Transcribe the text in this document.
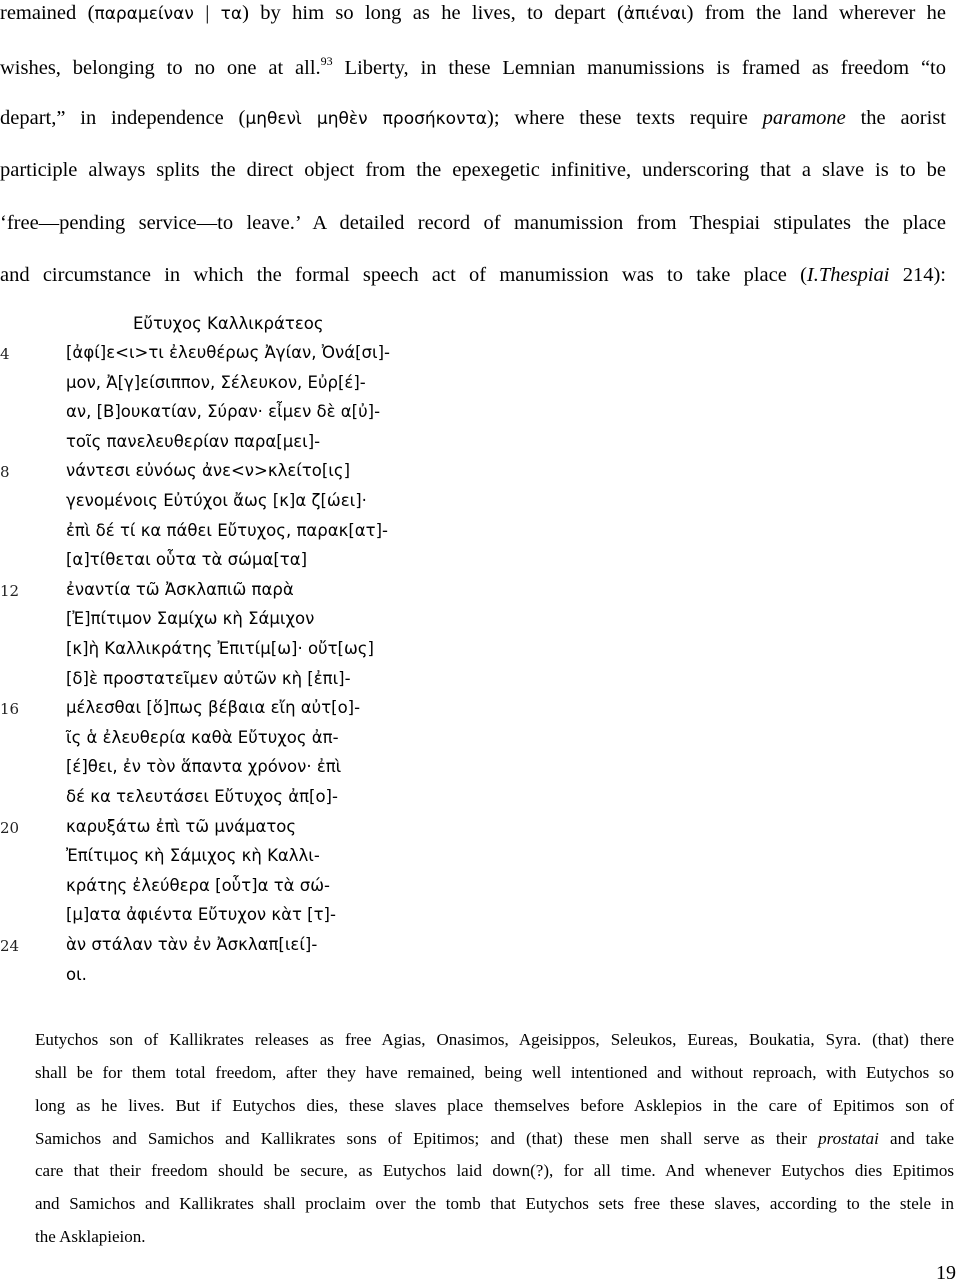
remained (παραμείναν | τα) by him so long as he lives, to depart (ἀπιέναι) from the land wherever he
wishes, belonging to no one at all.$^{93}$ Liberty, in these Lemnian manumissions is framed as freedom “to
depart,” in independence (μηθενὶ μηθὲν προσήκοντα); where these texts require paramone the aorist
participle always splits the direct object from the epexegetic infinitive, underscoring that a slave is to be
‘free—pending service—to leave.’ A detailed record of manumission from Thespiai stipulates the place
and circumstance in which the formal speech act of manumission was to take place (I.Thespiai 214):
Εὔτυχος Καλλικράτεος
[ἀφί]ε<ι>τι ἐλευθέρως Ἀγίαν, Ὀνά[σι]-
μον, Ἀ[γ]είσιππον, Σέλευκον, Εὐρ[έ]-
αν, [Β]ουκατίαν, Σύραν· εἶμεν δὲ α[ὐ]-
τοῖς πανελευθερίαν παρα[μει]-
νάντεσι εὐνόως ἀνε<ν>κλείτο[ις]
γενομένοις Εὐτύχοι ἄως [κ]α ζ[ώει]·
ἐπὶ δέ τί κα πάθει Εὔτυχος, παρακ[ατ]-
[α]τίθεται οὗτα τὰ σώμα[τα]
ἐναντία τῶ Ἀσκλαπιῶ παρὰ
[Ἐ]πίτιμον Σαμίχω κὴ Σάμιχον
[κ]ὴ Καλλικράτης Ἐπιτίμ[ω]· οὔτ[ως]
[δ]ὲ προστατεῖμεν αὐτῶν κὴ [ἐπι]-
μέλεσθαι [ὅ]πως βέβαια εἴη αὐτ[ο]-
ῖς ἁ ἐλευθερία καθὰ Εὔτυχος ἀπ-
[έ]θει, ἐν τὸν ἅπαντα χρόνον· ἐπὶ
δέ κα τελευτάσει Εὔτυχος ἀπ[ο]-
καρυξάτω ἐπὶ τῶ μνάματος
Ἐπίτιμος κὴ Σάμιχος κὴ Καλλι-
κράτης ἐλεύθερα [οὗτ]α τὰ σώ-
[μ]ατα ἀφιέντα Εὔτυχον κὰτ [τ]-
ὰν στάλαν τὰν ἐν Ἀσκλαπ[ιεί]-
οι.
4
8
12
16
20
24
Eutychos son of Kallikrates releases as free Agias, Onasimos, Ageisippos, Seleukos, Eureas, Boukatia, Syra. (that) there
shall be for them total freedom, after they have remained, being well intentioned and without reproach, with Eutychos so
long as he lives. But if Eutychos dies, these slaves place themselves before Asklepios in the care of Epitimos son of
Samichos and Samichos and Kallikrates sons of Epitimos; and (that) these men shall serve as their prostatai and take
care that their freedom should be secure, as Eutychos laid down(?), for all time. And whenever Eutychos dies Epitimos
and Samichos and Kallikrates shall proclaim over the tomb that Eutychos sets free these slaves, according to the stele in
the Asklapieion.
19
